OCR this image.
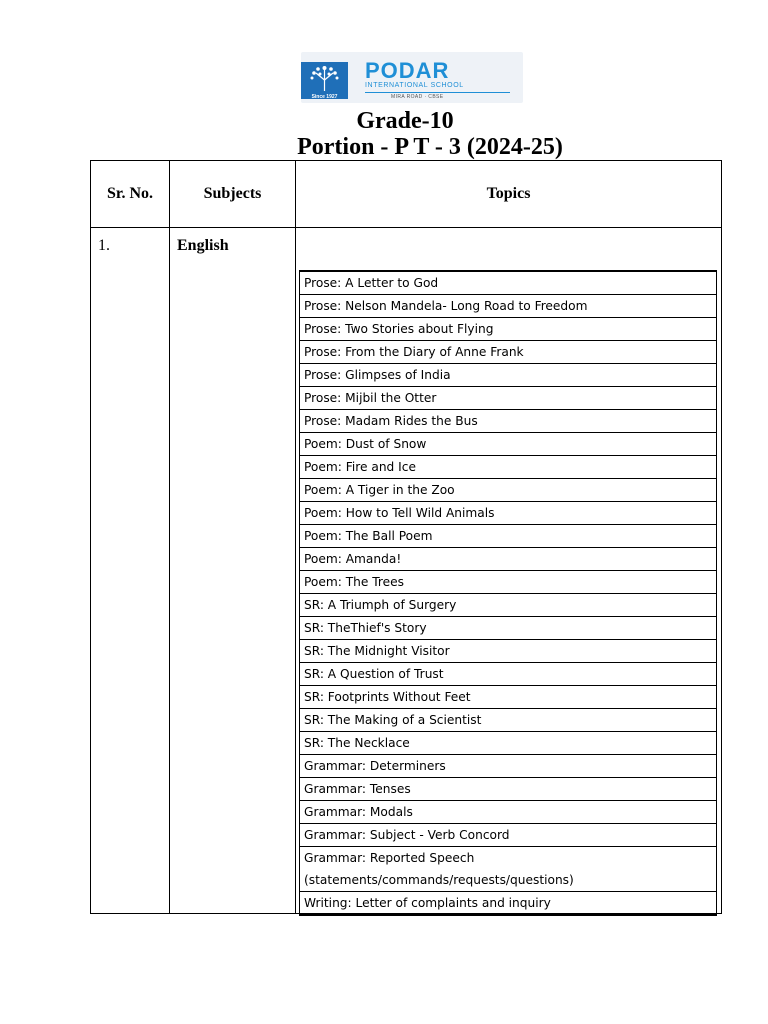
Since 1927
PODAR
INTERNATIONAL SCHOOL
MIRA ROAD · CBSE
Grade-10
Portion - P T - 3 (2024-25)
Sr. No.	Subjects	Topics
1.	English
Prose: A Letter to God
Prose: Nelson Mandela- Long Road to Freedom
Prose: Two Stories about Flying
Prose: From the Diary of Anne Frank
Prose: Glimpses of India
Prose: Mijbil the Otter
Prose: Madam Rides the Bus
Poem: Dust of Snow
Poem: Fire and Ice
Poem: A Tiger in the Zoo
Poem: How to Tell Wild Animals
Poem: The Ball Poem
Poem: Amanda!
Poem: The Trees
SR: A Triumph of Surgery
SR: TheThief's Story
SR: The Midnight Visitor
SR: A Question of Trust
SR: Footprints Without Feet
SR: The Making of a Scientist
SR: The Necklace
Grammar: Determiners
Grammar: Tenses
Grammar: Modals
Grammar: Subject - Verb Concord
Grammar: Reported Speech (statements/commands/requests/questions)
Writing: Letter of complaints and inquiry
